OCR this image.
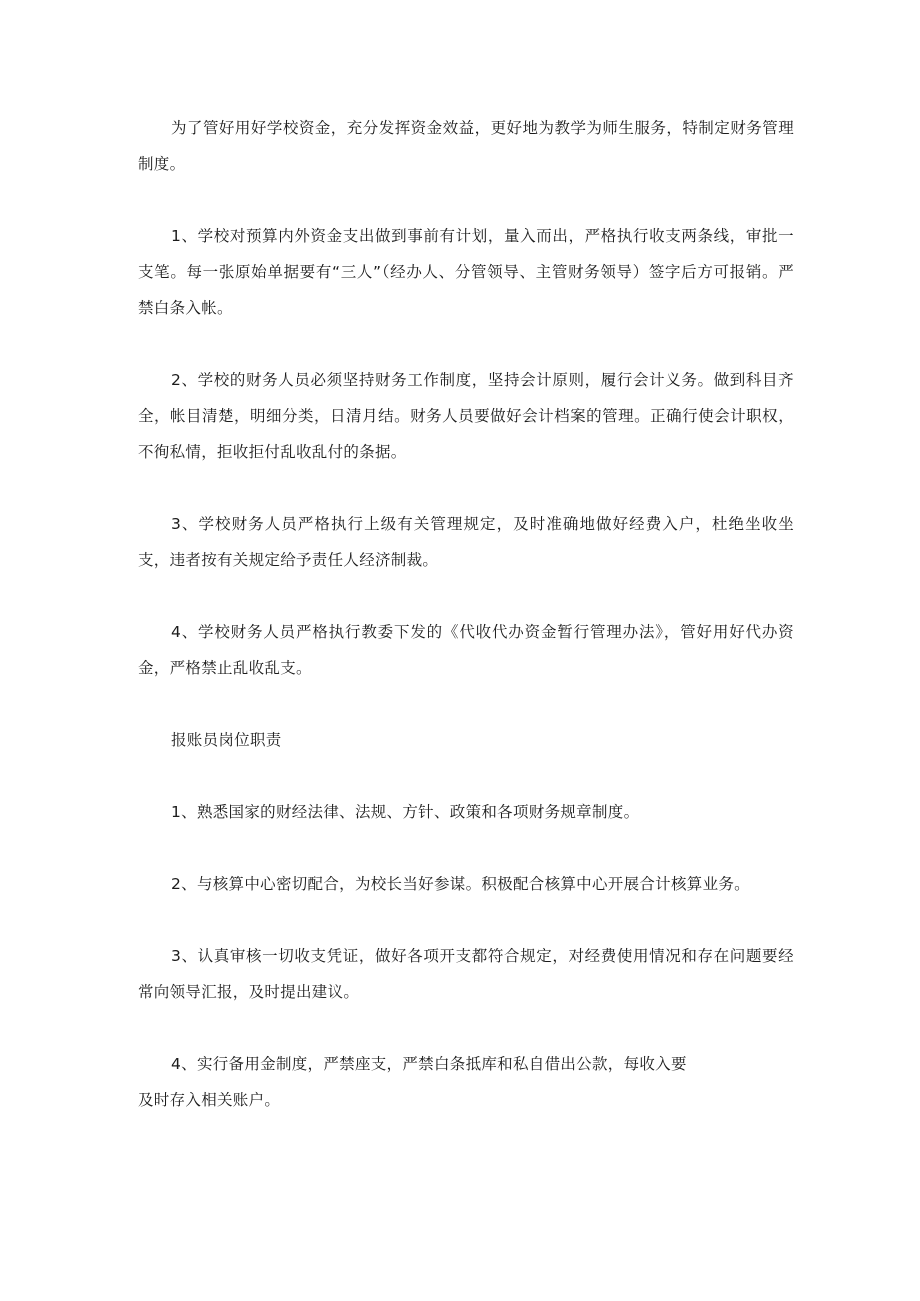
为了管好用好学校资金，充分发挥资金效益，更好地为教学为师生服务，特制定财务管理制度。

1、学校对预算内外资金支出做到事前有计划，量入而出，严格执行收支两条线，审批一支笔。每一张原始单据要有“三人”（经办人、分管领导、主管财务领导）签字后方可报销。严禁白条入帐。

2、学校的财务人员必须坚持财务工作制度，坚持会计原则，履行会计义务。做到科目齐全，帐目清楚，明细分类，日清月结。财务人员要做好会计档案的管理。正确行使会计职权，不徇私情，拒收拒付乱收乱付的条据。

3、学校财务人员严格执行上级有关管理规定，及时准确地做好经费入户，杜绝坐收坐支，违者按有关规定给予责任人经济制裁。

4、学校财务人员严格执行教委下发的《代收代办资金暂行管理办法》，管好用好代办资金，严格禁止乱收乱支。

报账员岗位职责

1、熟悉国家的财经法律、法规、方针、政策和各项财务规章制度。

2、与核算中心密切配合，为校长当好参谋。积极配合核算中心开展合计核算业务。

3、认真审核一切收支凭证，做好各项开支都符合规定，对经费使用情况和存在问题要经常向领导汇报，及时提出建议。

4、实行备用金制度，严禁座支，严禁白条抵库和私自借出公款，每收入要
及时存入相关账户。
